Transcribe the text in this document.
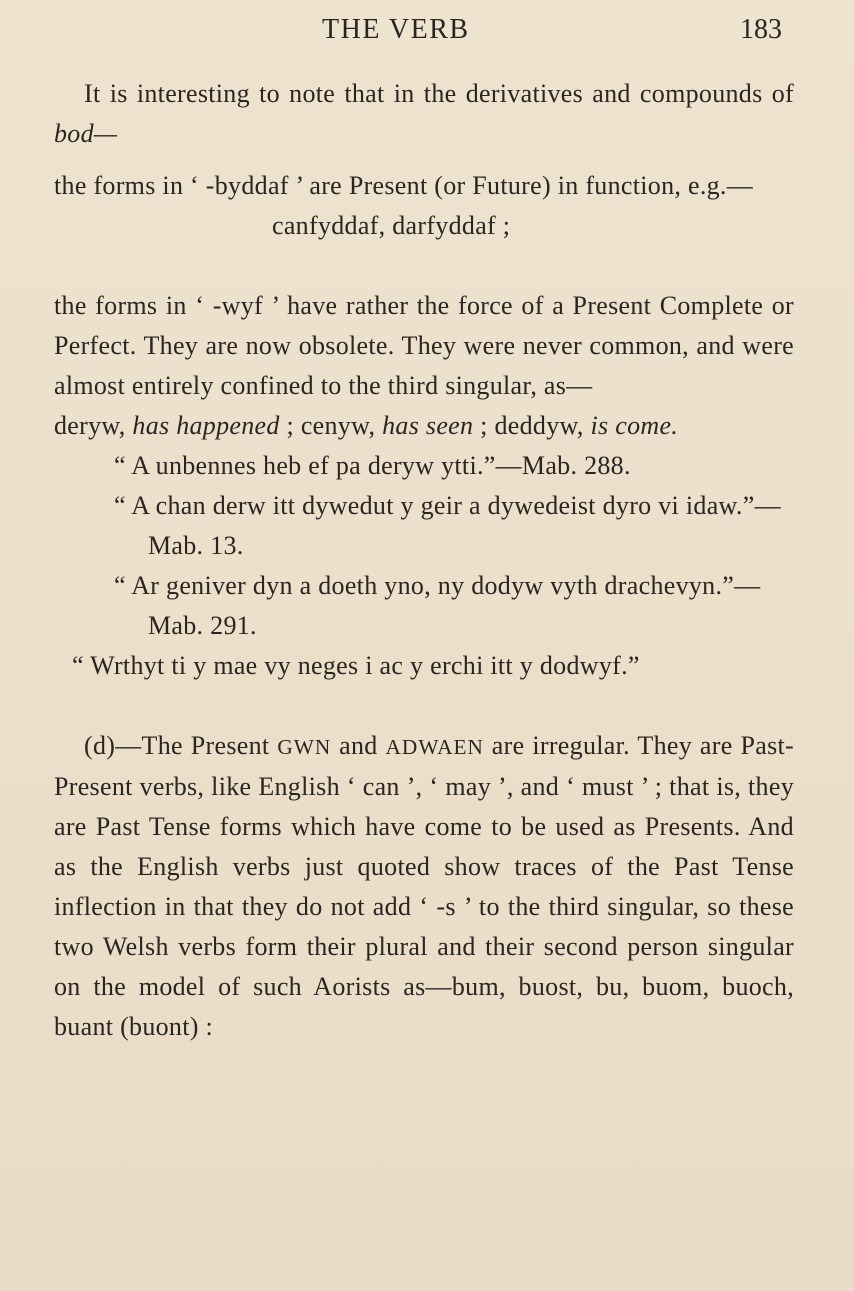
THE VERB	183

It is interesting to note that in the derivatives and compounds of bod—

the forms in ‘ -byddaf ’ are Present (or Future) in function, e.g.—

canfyddaf, darfyddaf ;

the forms in ‘ -wyf ’ have rather the force of a Present Complete or Perfect. They are now obsolete. They were never common, and were almost entirely confined to the third singular, as—

deryw, has happened ; cenyw, has seen ; deddyw, is come.

“ A unbennes heb ef pa deryw ytti.”—Mab. 288.

“ A chan derw itt dywedut y geir a dywedeist dyro vi idaw.”—Mab. 13.

“ Ar geniver dyn a doeth yno, ny dodyw vyth drachevyn.”—Mab. 291.

“ Wrthyt ti y mae vy neges i ac y erchi itt y dodwyf.”

(d)—The Present GWN and ADWAEN are irregular. They are Past-Present verbs, like English ‘ can ’, ‘ may ’, and ‘ must ’ ; that is, they are Past Tense forms which have come to be used as Presents. And as the English verbs just quoted show traces of the Past Tense inflection in that they do not add ‘ -s ’ to the third singular, so these two Welsh verbs form their plural and their second person singular on the model of such Aorists as—bum, buost, bu, buom, buoch, buant (buont) :
